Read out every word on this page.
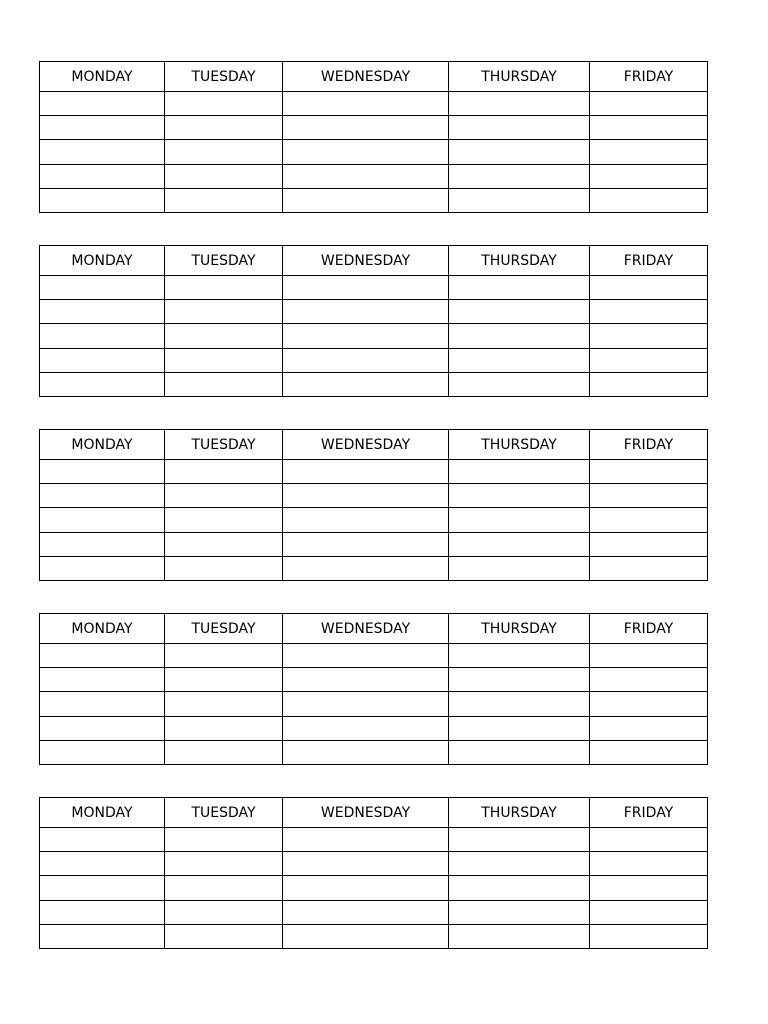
MONDAY	TUESDAY	WEDNESDAY	THURSDAY	FRIDAY

MONDAY	TUESDAY	WEDNESDAY	THURSDAY	FRIDAY

MONDAY	TUESDAY	WEDNESDAY	THURSDAY	FRIDAY

MONDAY	TUESDAY	WEDNESDAY	THURSDAY	FRIDAY

MONDAY	TUESDAY	WEDNESDAY	THURSDAY	FRIDAY
